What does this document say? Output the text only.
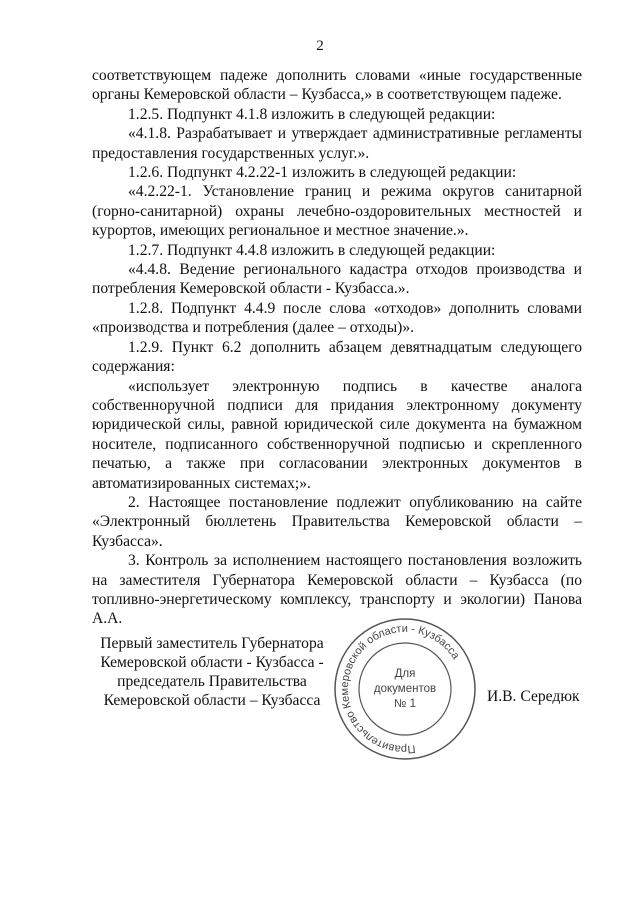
2

соответствующем падеже дополнить словами «иные государственные органы Кемеровской области – Кузбасса,» в соответствующем падеже.

1.2.5. Подпункт 4.1.8 изложить в следующей редакции:

«4.1.8. Разрабатывает и утверждает административные регламенты предоставления государственных услуг.».

1.2.6. Подпункт 4.2.22-1 изложить в следующей редакции:

«4.2.22-1. Установление границ и режима округов санитарной (горно-санитарной) охраны лечебно-оздоровительных местностей и курортов, имеющих региональное и местное значение.».

1.2.7. Подпункт 4.4.8 изложить в следующей редакции:

«4.4.8. Ведение регионального кадастра отходов производства и потребления Кемеровской области - Кузбасса.».

1.2.8. Подпункт 4.4.9 после слова «отходов» дополнить словами «производства и потребления (далее – отходы)».

1.2.9. Пункт 6.2 дополнить абзацем девятнадцатым следующего содержания:

«использует электронную подпись в качестве аналога собственноручной подписи для придания электронному документу юридической силы, равной юридической силе документа на бумажном носителе, подписанного собственноручной подписью и скрепленного печатью, а также при согласовании электронных документов в автоматизированных системах;».

2. Настоящее постановление подлежит опубликованию на сайте «Электронный бюллетень Правительства Кемеровской области – Кузбасса».

3. Контроль за исполнением настоящего постановления возложить на заместителя Губернатора Кемеровской области – Кузбасса (по топливно-энергетическому комплексу, транспорту и экологии) Панова А.А.

Первый заместитель Губернатора
Кемеровской области - Кузбасса -
председатель Правительства
Кемеровской области – Кузбасса
Правительство Кемеровской области - Кузбасса
Для
документов
№ 1	И.В. Середюк
